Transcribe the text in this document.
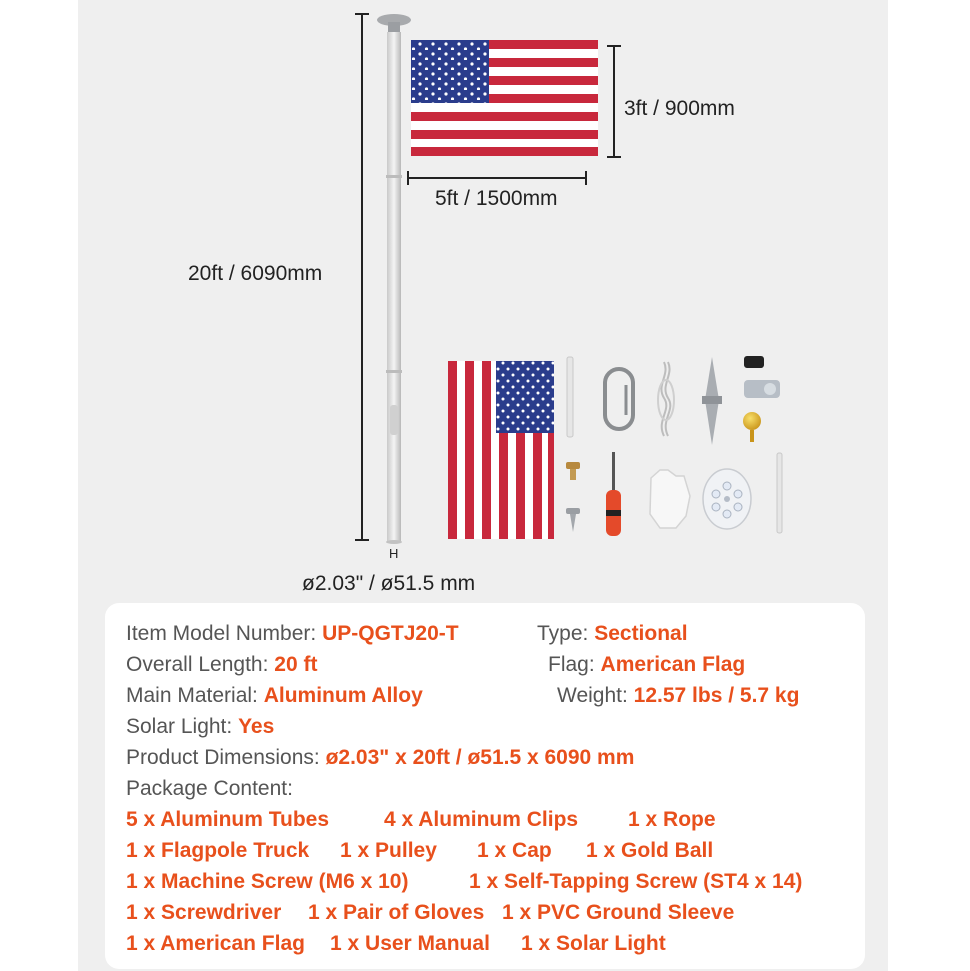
3ft / 900mm
5ft / 1500mm
20ft / 6090mm
H
ø2.03" / ø51.5 mm
Item Model Number: UP-QGTJ20-T	Type: Sectional
Overall Length: 20 ft	Flag: American Flag
Main Material: Aluminum Alloy	Weight: 12.57 lbs / 5.7 kg
Solar Light: Yes
Product Dimensions: ø2.03" x 20ft / ø51.5 x 6090 mm
Package Content:
5 x Aluminum Tubes	4 x Aluminum Clips 1 x Rope
1 x Flagpole Truck 1 x Pulley 1 x Cap 1 x Gold Ball
1 x Machine Screw (M6 x 10)	1 x Self-Tapping Screw (ST4 x 14)
1 x Screwdriver 1 x Pair of Gloves 1 x PVC Ground Sleeve
1 x American Flag 1 x User Manual 1 x Solar Light
